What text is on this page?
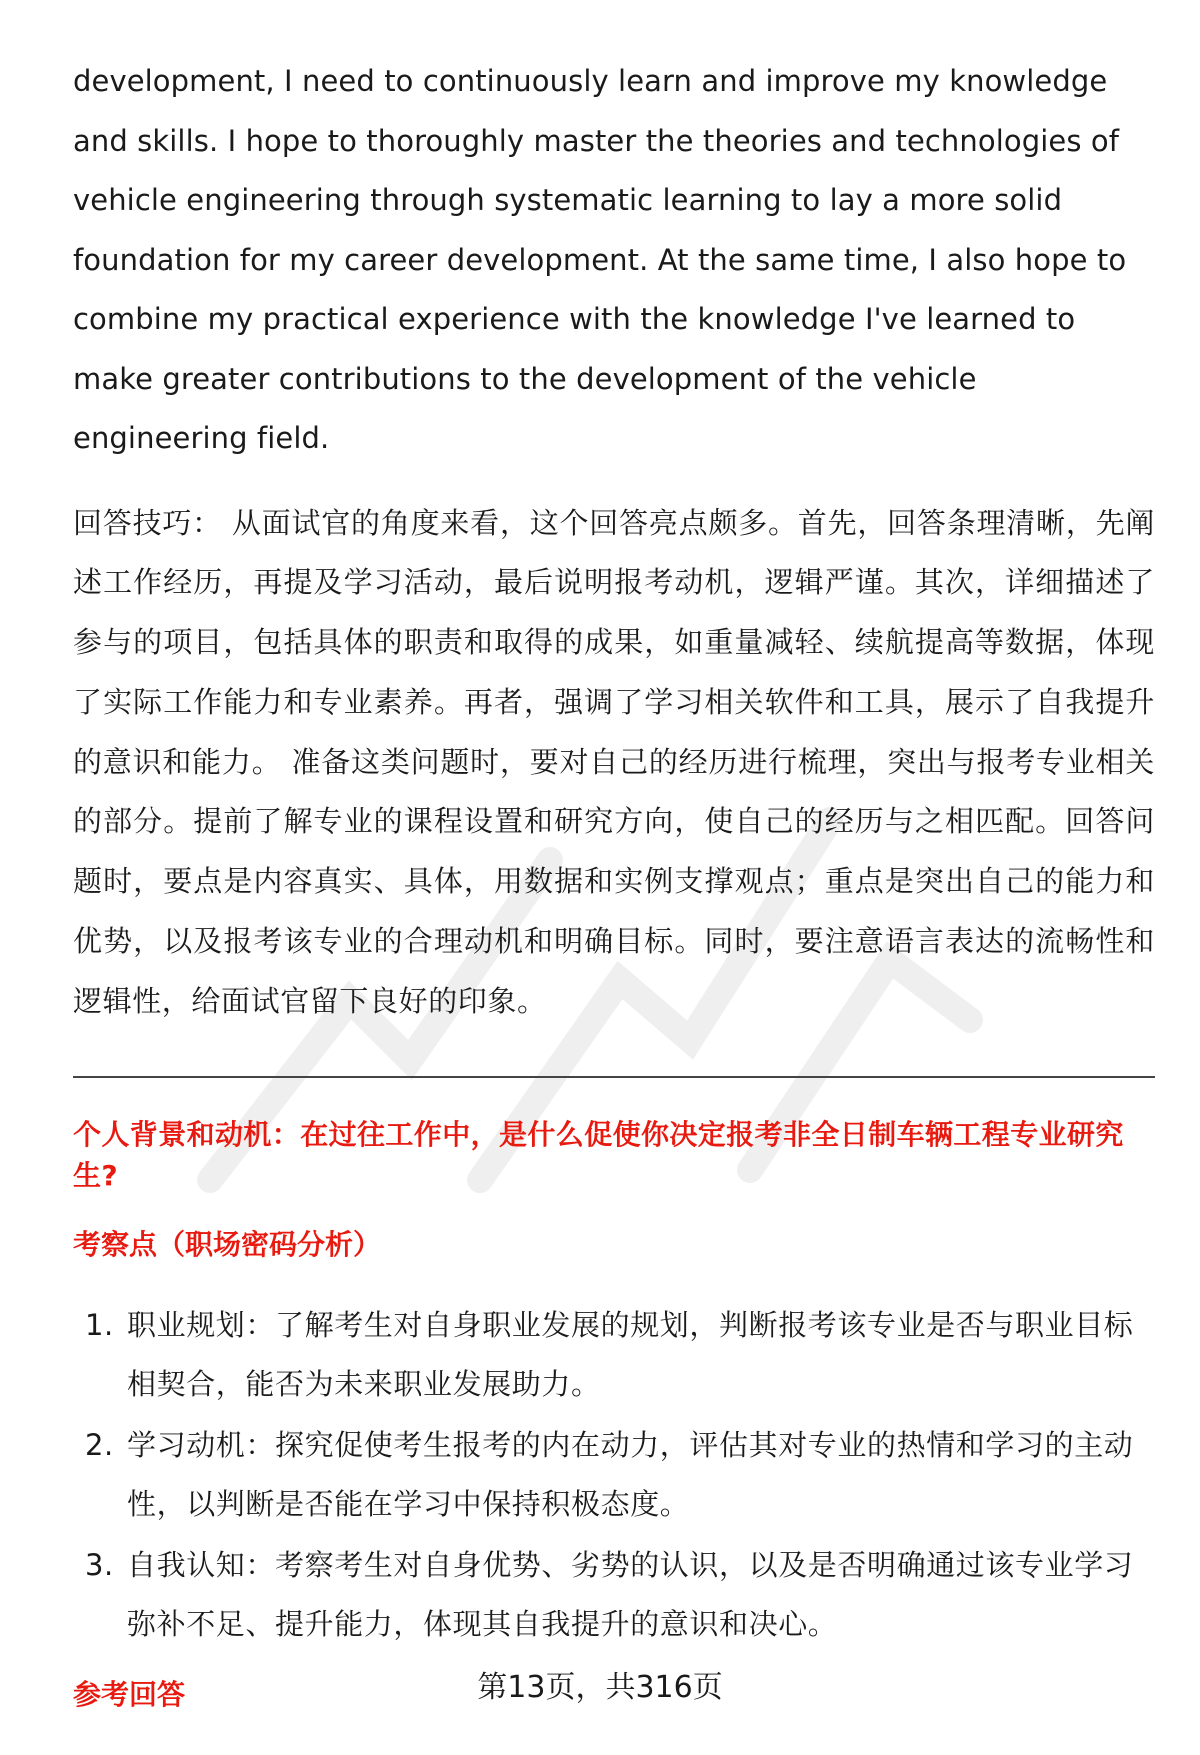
development, I need to continuously learn and improve my knowledge and skills. I hope to thoroughly master the theories and technologies of vehicle engineering through systematic learning to lay a more solid foundation for my career development. At the same time, I also hope to combine my practical experience with the knowledge I've learned to make greater contributions to the development of the vehicle engineering field.

回答技巧： 从面试官的角度来看，这个回答亮点颇多。首先，回答条理清晰，先阐述工作经历，再提及学习活动，最后说明报考动机，逻辑严谨。其次，详细描述了参与的项目，包括具体的职责和取得的成果，如重量减轻、续航提高等数据，体现了实际工作能力和专业素养。再者，强调了学习相关软件和工具，展示了自我提升的意识和能力。 准备这类问题时，要对自己的经历进行梳理，突出与报考专业相关的部分。提前了解专业的课程设置和研究方向，使自己的经历与之相匹配。回答问题时，要点是内容真实、具体，用数据和实例支撑观点；重点是突出自己的能力和优势，以及报考该专业的合理动机和明确目标。同时，要注意语言表达的流畅性和逻辑性，给面试官留下良好的印象。

个人背景和动机：在过往工作中，是什么促使你决定报考非全日制车辆工程专业研究生?
考察点（职场密码分析）
1. 职业规划：了解考生对自身职业发展的规划，判断报考该专业是否与职业目标相契合，能否为未来职业发展助力。
2. 学习动机：探究促使考生报考的内在动力，评估其对专业的热情和学习的主动性，以判断是否能在学习中保持积极态度。
3. 自我认知：考察考生对自身优势、劣势的认识，以及是否明确通过该专业学习弥补不足、提升能力，体现其自我提升的意识和决心。
参考回答	第13页，共316页
